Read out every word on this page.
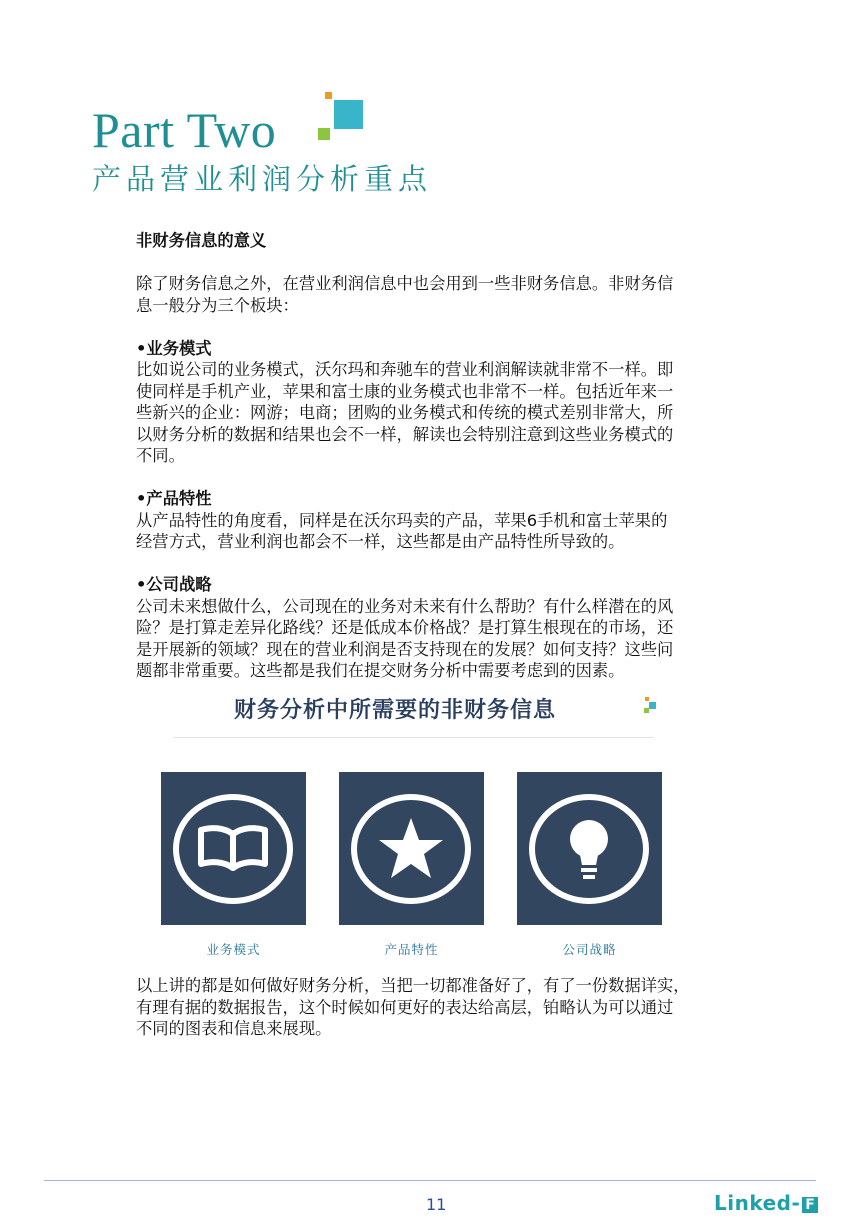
Part Two
产品营业利润分析重点

非财务信息的意义

除了财务信息之外，在营业利润信息中也会用到一些非财务信息。非财务信

息一般分为三个板块：

•业务模式

比如说公司的业务模式，沃尔玛和奔驰车的营业利润解读就非常不一样。即

使同样是手机产业，苹果和富士康的业务模式也非常不一样。包括近年来一

些新兴的企业：网游；电商；团购的业务模式和传统的模式差别非常大，所

以财务分析的数据和结果也会不一样，解读也会特别注意到这些业务模式的

不同。

•产品特性

从产品特性的角度看，同样是在沃尔玛卖的产品，苹果6手机和富士苹果的

经营方式，营业利润也都会不一样，这些都是由产品特性所导致的。

•公司战略

公司未来想做什么，公司现在的业务对未来有什么帮助？有什么样潜在的风

险？是打算走差异化路线？还是低成本价格战？是打算生根现在的市场，还

是开展新的领域？现在的营业利润是否支持现在的发展？如何支持？这些问

题都非常重要。这些都是我们在提交财务分析中需要考虑到的因素。

财务分析中所需要的非财务信息
业务模式	产品特性	公司战略

以上讲的都是如何做好财务分析，当把一切都准备好了，有了一份数据详实，

有理有据的数据报告，这个时候如何更好的表达给高层，铂略认为可以通过

不同的图表和信息来展现。

11	Linked- F
